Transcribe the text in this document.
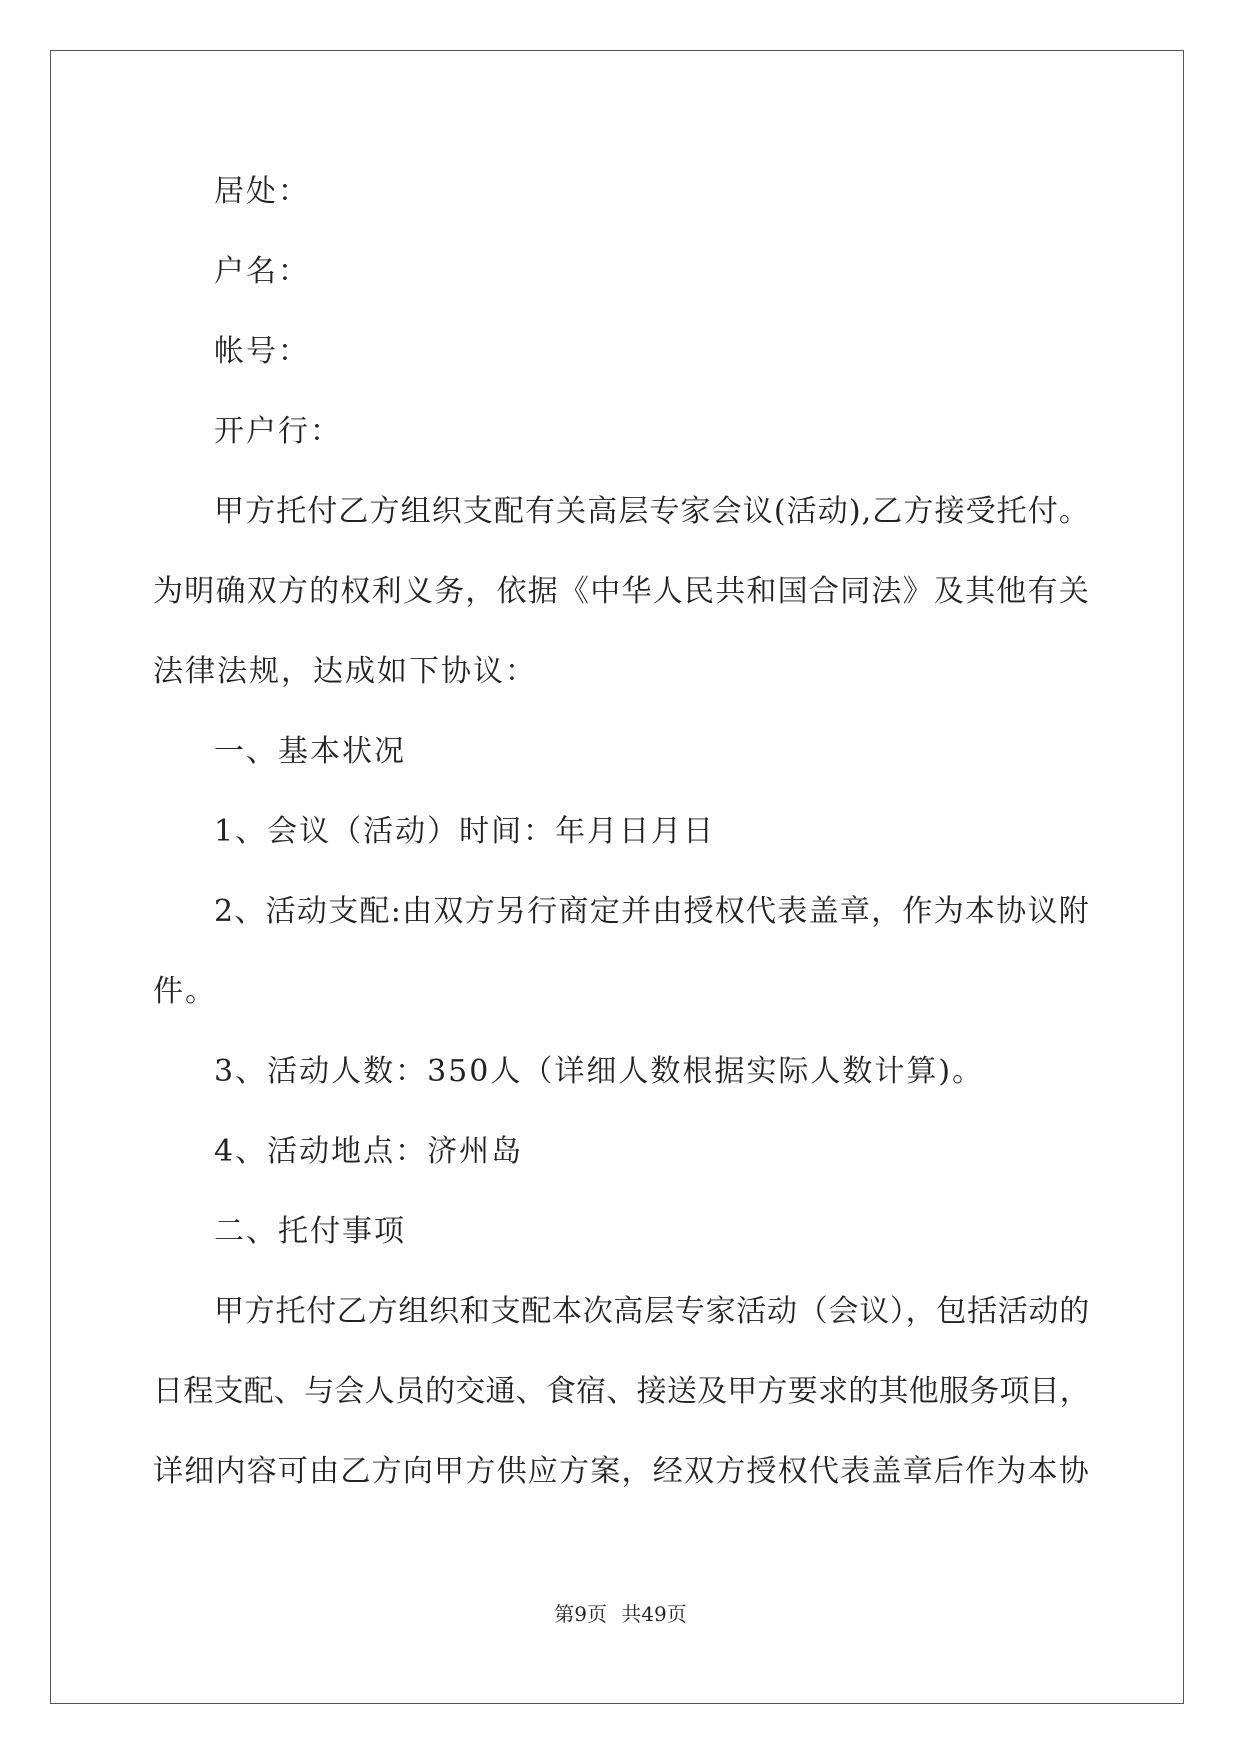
居处：
户名：
帐号：
开户行：
甲方托付乙方组织支配有关高层专家会议(活动),乙方接受托付。
为明确双方的权利义务，依据《中华人民共和国合同法》及其他有关
法律法规，达成如下协议：
一、基本状况
1、会议（活动）时间：年月日月日
2、活动支配:由双方另行商定并由授权代表盖章，作为本协议附
件。
3、活动人数：350人（详细人数根据实际人数计算)。
4、活动地点：济州岛
二、托付事项
甲方托付乙方组织和支配本次高层专家活动（会议），包括活动的
日程支配、与会人员的交通、食宿、接送及甲方要求的其他服务项目，
详细内容可由乙方向甲方供应方案，经双方授权代表盖章后作为本协
第9页 共49页
